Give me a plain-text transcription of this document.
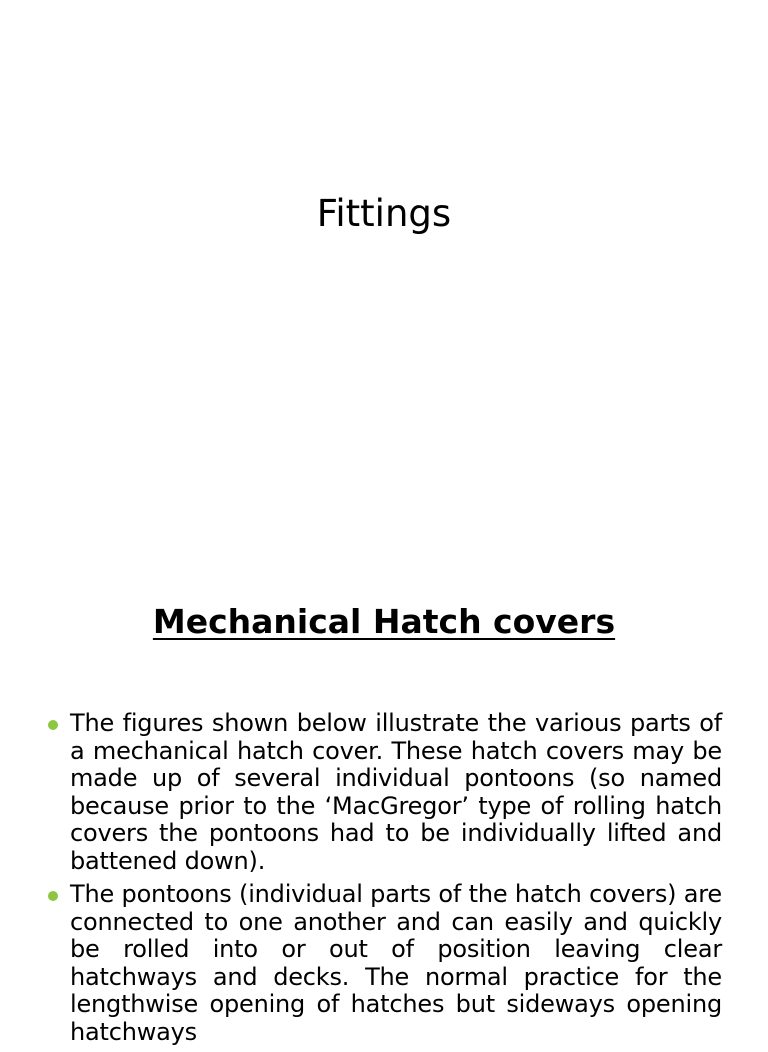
Fittings
Mechanical Hatch covers
The figures shown below illustrate the various parts of a mechanical hatch cover. These hatch covers may be made up of several individual pontoons (so named because prior to the ‘MacGregor’ type of rolling hatch covers the pontoons had to be individually lifted and battened down).
The pontoons (individual parts of the hatch covers) are connected to one another and can easily and quickly be rolled into or out of position leaving clear hatchways and decks. The normal practice for the lengthwise opening of hatches but sideways opening hatchways
